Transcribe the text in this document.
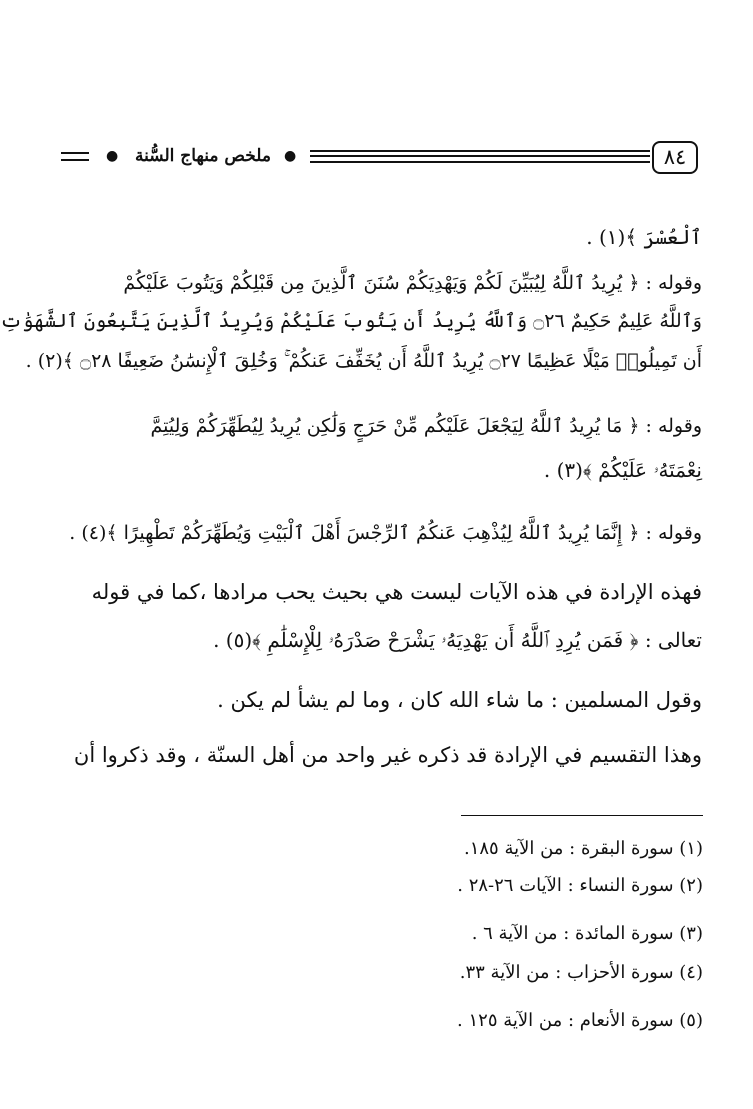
٨٤
●
ملخص منهاج السُّنة
●
ٱلْعُسْرَ ﴾(١) .
وقوله : ﴿ يُرِيدُ ٱللَّهُ لِيُبَيِّنَ لَكُمْ وَيَهْدِيَكُمْ سُنَنَ ٱلَّذِينَ مِن قَبْلِكُمْ وَيَتُوبَ عَلَيْكُمْ
وَٱللَّهُ عَلِيمٌ حَكِيمٌ ۝٢٦ وَٱللَّهُ يُرِيدُ أَن يَتُوبَ عَلَيْكُمْ وَيُرِيدُ ٱلَّذِينَ يَتَّبِعُونَ ٱلشَّهَوَٰتِ
أَن تَمِيلُوا۟ مَيْلًا عَظِيمًا ۝٢٧ يُرِيدُ ٱللَّهُ أَن يُخَفِّفَ عَنكُمْ ۚ وَخُلِقَ ٱلْإِنسَٰنُ ضَعِيفًا ۝٢٨ ﴾(٢) .
وقوله : ﴿ مَا يُرِيدُ ٱللَّهُ لِيَجْعَلَ عَلَيْكُم مِّنْ حَرَجٍ وَلَٰكِن يُرِيدُ لِيُطَهِّرَكُمْ وَلِيُتِمَّ
نِعْمَتَهُۥ عَلَيْكُمْ ﴾(٣) .
وقوله : ﴿ إِنَّمَا يُرِيدُ ٱللَّهُ لِيُذْهِبَ عَنكُمُ ٱلرِّجْسَ أَهْلَ ٱلْبَيْتِ وَيُطَهِّرَكُمْ تَطْهِيرًا ﴾(٤) .
فهذه الإرادة في هذه الآيات ليست هي بحيث يحب مرادها ،كما في قوله
تعالى : ﴿ فَمَن يُرِدِ ٱللَّهُ أَن يَهْدِيَهُۥ يَشْرَحْ صَدْرَهُۥ لِلْإِسْلَٰمِ ﴾(٥) .
وقول المسلمين : ما شاء الله كان ، وما لم يشأ لم يكن .
وهذا التقسيم في الإرادة قد ذكره غير واحد من أهل السنّة ، وقد ذكروا أن
(١) سورة البقرة : من الآية ١٨٥.
(٢) سورة النساء : الآيات ٢٦-٢٨ .
(٣) سورة المائدة : من الآية ٦ .
(٤) سورة الأحزاب : من الآية ٣٣.
(٥) سورة الأنعام : من الآية ١٢٥ .
